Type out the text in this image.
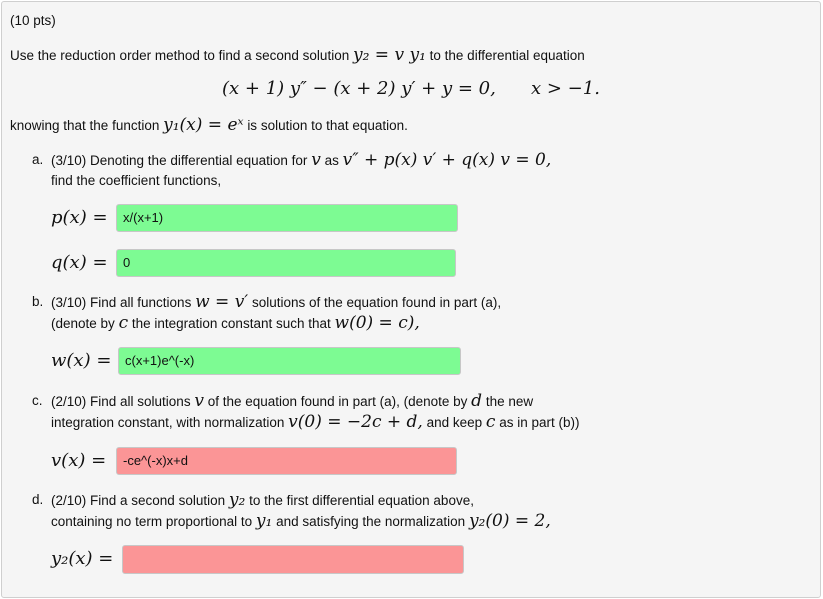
(10 pts)
Use the reduction order method to find a second solution y₂ = v y₁ to the differential equation
(x + 1) y″ − (x + 2) y′ + y = 0, x > −1.
knowing that the function y₁(x) = eˣ is solution to that equation.
a. (3/10) Denoting the differential equation for v as v″ + p(x) v′ + q(x) v = 0,
find the coefficient functions,
p(x) =	x/(x+1)
q(x) =	0
b. (3/10) Find all functions w = v′ solutions of the equation found in part (a),
(denote by c the integration constant such that w(0) = c),
w(x) =	c(x+1)e^(-x)
c. (2/10) Find all solutions v of the equation found in part (a), (denote by d the new
integration constant, with normalization v(0) = −2c + d, and keep c as in part (b))
v(x) =	-ce^(-x)x+d
d. (2/10) Find a second solution y₂ to the first differential equation above,
containing no term proportional to y₁ and satisfying the normalization y₂(0) = 2,
y₂(x) =
